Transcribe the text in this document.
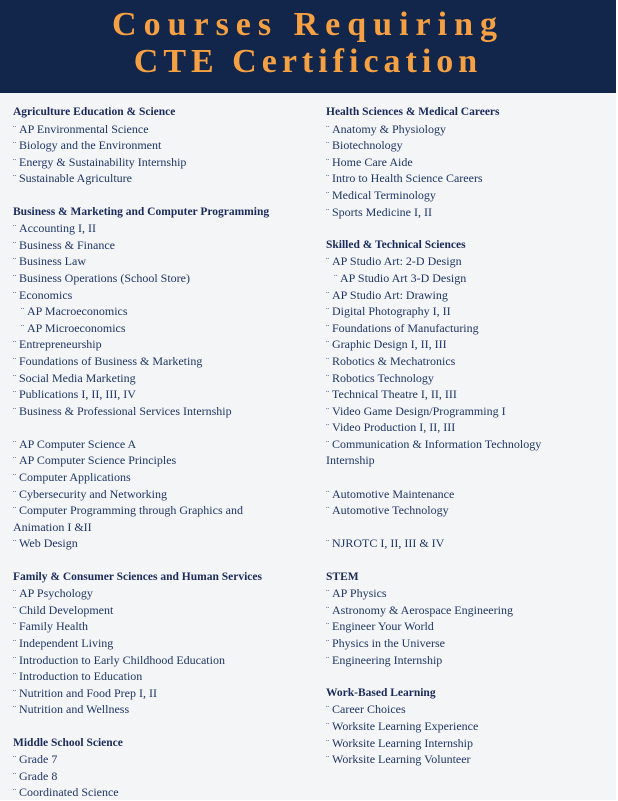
Courses Requiring
CTE Certification
Agriculture Education & Science
¨ AP Environmental Science
¨ Biology and the Environment
¨ Energy & Sustainability Internship
¨ Sustainable Agriculture
Business & Marketing and Computer Programming
¨ Accounting I, II
¨ Business & Finance
¨ Business Law
¨ Business Operations (School Store)
¨ Economics
¨ AP Macroeconomics
¨ AP Microeconomics
¨ Entrepreneurship
¨ Foundations of Business & Marketing
¨ Social Media Marketing
¨ Publications I, II, III, IV
¨ Business & Professional Services Internship
¨ AP Computer Science A
¨ AP Computer Science Principles
¨ Computer Applications
¨ Cybersecurity and Networking
¨ Computer Programming through Graphics and
Animation I &II
¨ Web Design
Family & Consumer Sciences and Human Services
¨ AP Psychology
¨ Child Development
¨ Family Health
¨ Independent Living
¨ Introduction to Early Childhood Education
¨ Introduction to Education
¨ Nutrition and Food Prep I, II
¨ Nutrition and Wellness
Middle School Science
¨ Grade 7
¨ Grade 8
¨ Coordinated Science
Health Sciences & Medical Careers
¨ Anatomy & Physiology
¨ Biotechnology
¨ Home Care Aide
¨ Intro to Health Science Careers
¨ Medical Terminology
¨ Sports Medicine I, II
Skilled & Technical Sciences
¨ AP Studio Art: 2-D Design
¨ AP Studio Art 3-D Design
¨ AP Studio Art: Drawing
¨ Digital Photography I, II
¨ Foundations of Manufacturing
¨ Graphic Design I, II, III
¨ Robotics & Mechatronics
¨ Robotics Technology
¨ Technical Theatre I, II, III
¨ Video Game Design/Programming I
¨ Video Production I, II, III
¨ Communication & Information Technology
Internship
¨ Automotive Maintenance
¨ Automotive Technology
¨ NJROTC I, II, III & IV
STEM
¨ AP Physics
¨ Astronomy & Aerospace Engineering
¨ Engineer Your World
¨ Physics in the Universe
¨ Engineering Internship
Work-Based Learning
¨ Career Choices
¨ Worksite Learning Experience
¨ Worksite Learning Internship
¨ Worksite Learning Volunteer
